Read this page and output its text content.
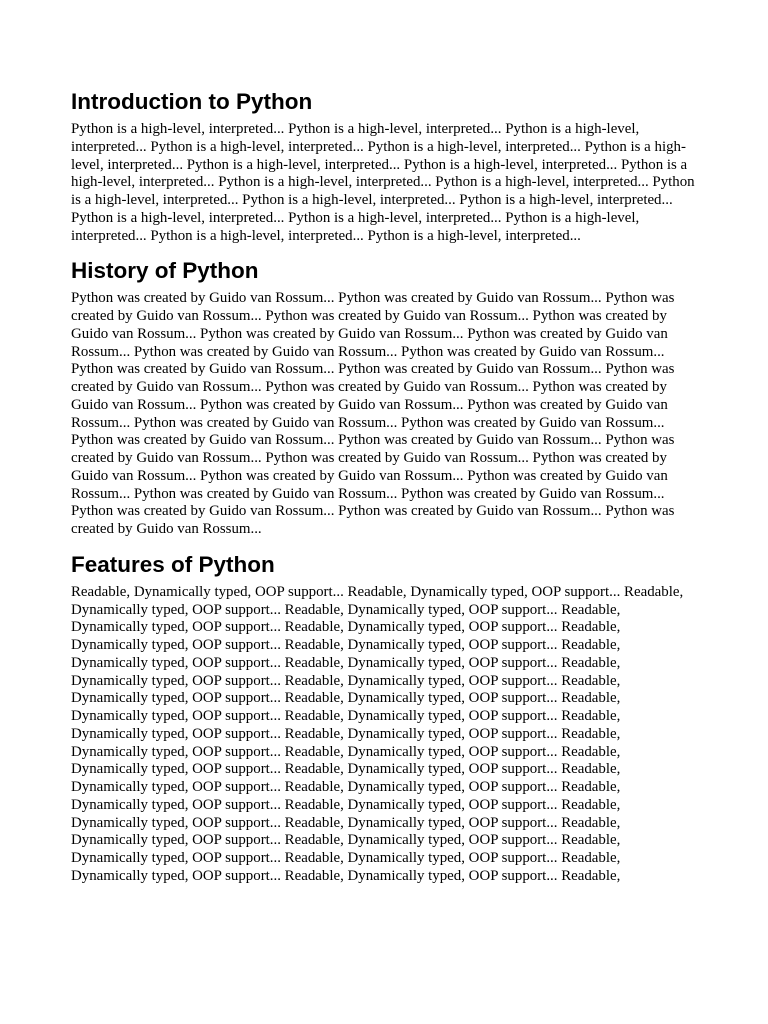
Introduction to Python

Python is a high-level, interpreted... Python is a high-level, interpreted... Python is a high-level, interpreted... Python is a high-level, interpreted... Python is a high-level, interpreted... Python is a high-level, interpreted... Python is a high-level, interpreted... Python is a high-level, interpreted... Python is a high-level, interpreted... Python is a high-level, interpreted... Python is a high-level, interpreted... Python is a high-level, interpreted... Python is a high-level, interpreted... Python is a high-level, interpreted... Python is a high-level, interpreted... Python is a high-level, interpreted... Python is a high-level, interpreted... Python is a high-level, interpreted... Python is a high-level, interpreted...

History of Python

Python was created by Guido van Rossum... Python was created by Guido van Rossum... Python was created by Guido van Rossum... Python was created by Guido van Rossum... Python was created by Guido van Rossum... Python was created by Guido van Rossum... Python was created by Guido van Rossum... Python was created by Guido van Rossum... Python was created by Guido van Rossum... Python was created by Guido van Rossum... Python was created by Guido van Rossum... Python was created by Guido van Rossum... Python was created by Guido van Rossum... Python was created by Guido van Rossum... Python was created by Guido van Rossum... Python was created by Guido van Rossum... Python was created by Guido van Rossum... Python was created by Guido van Rossum... Python was created by Guido van Rossum... Python was created by Guido van Rossum... Python was created by Guido van Rossum... Python was created by Guido van Rossum... Python was created by Guido van Rossum... Python was created by Guido van Rossum... Python was created by Guido van Rossum... Python was created by Guido van Rossum... Python was created by Guido van Rossum... Python was created by Guido van Rossum... Python was created by Guido van Rossum... Python was created by Guido van Rossum...

Features of Python

Readable, Dynamically typed, OOP support... Readable, Dynamically typed, OOP support... Readable, Dynamically typed, OOP support... Readable, Dynamically typed, OOP support... Readable, Dynamically typed, OOP support... Readable, Dynamically typed, OOP support... Readable, Dynamically typed, OOP support... Readable, Dynamically typed, OOP support... Readable, Dynamically typed, OOP support... Readable, Dynamically typed, OOP support... Readable, Dynamically typed, OOP support... Readable, Dynamically typed, OOP support... Readable, Dynamically typed, OOP support... Readable, Dynamically typed, OOP support... Readable, Dynamically typed, OOP support... Readable, Dynamically typed, OOP support... Readable, Dynamically typed, OOP support... Readable, Dynamically typed, OOP support... Readable, Dynamically typed, OOP support... Readable, Dynamically typed, OOP support... Readable, Dynamically typed, OOP support... Readable, Dynamically typed, OOP support... Readable, Dynamically typed, OOP support... Readable, Dynamically typed, OOP support... Readable, Dynamically typed, OOP support... Readable, Dynamically typed, OOP support... Readable, Dynamically typed, OOP support... Readable, Dynamically typed, OOP support... Readable, Dynamically typed, OOP support... Readable, Dynamically typed, OOP support... Readable, Dynamically typed, OOP support... Readable, Dynamically typed, OOP support... Readable, Dynamically typed, OOP support... Readable, Dynamically typed, OOP support... Readable,
